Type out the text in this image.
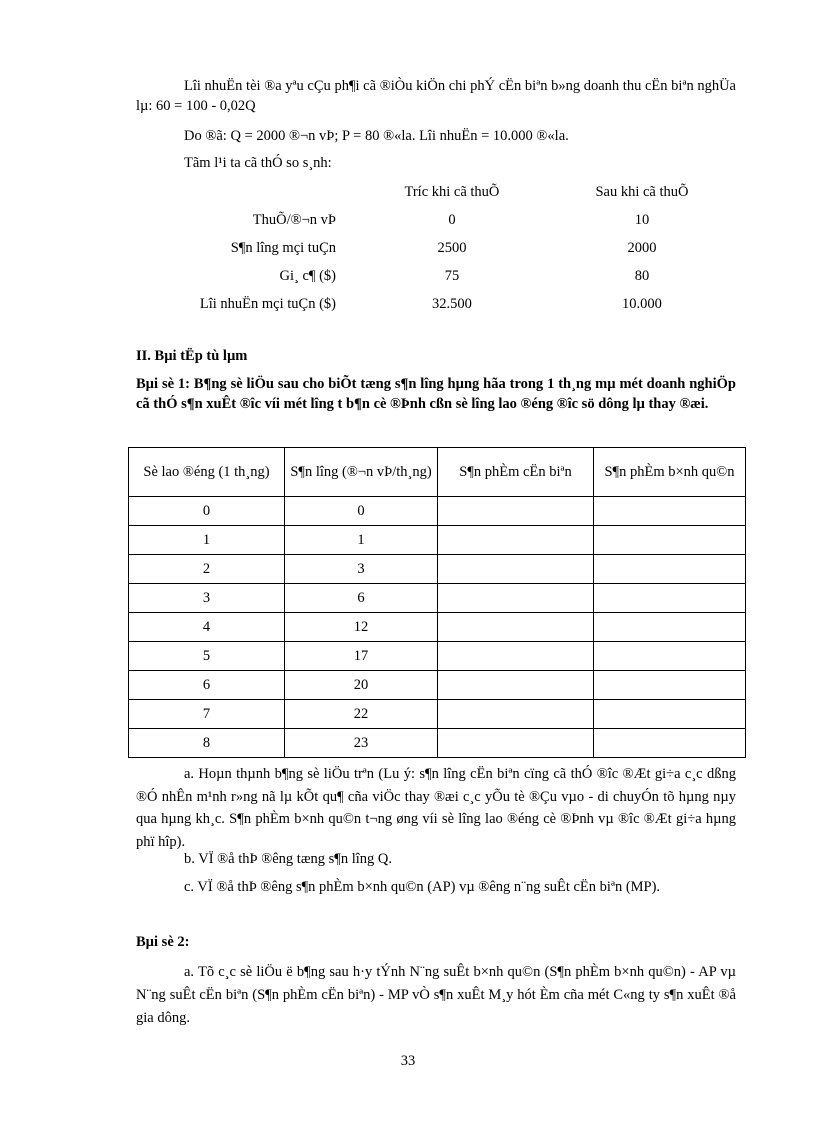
Lîi nhuËn tèi ®a yªu cÇu ph¶i cã ®iÒu kiÖn chi phÝ cËn biªn b»ng doanh thu cËn biªn nghÜa lµ: 60 = 100 - 0,02Q
Do ®ã: Q = 2000 ®¬n vÞ; P = 80 ®«la. Lîi nhuËn = 10.000 ®«la.
Tãm l¹i ta cã thÓ so s¸nh:
	Tríc khi cã thuÕ	Sau khi cã thuÕ
ThuÕ/®¬n vÞ	0	10
S¶n lîng mçi tuÇn	2500	2000
Gi¸ c¶ ($)	75	80
Lîi nhuËn mçi tuÇn ($)	32.500	10.000
II. Bµi tËp tù lµm
Bµi sè 1: B¶ng sè liÖu sau cho biÕt tæng s¶n lîng hµng hãa trong 1 th¸ng mµ mét doanh nghiÖp cã thÓ s¶n xuÊt ®îc víi mét lîng t b¶n cè ®Þnh cßn sè lîng lao ®éng ®îc sö dông lµ thay ®æi.
Sè lao ®éng (1 th¸ng)	S¶n lîng (®¬n vÞ/th¸ng)	S¶n phÈm cËn biªn	S¶n phÈm b×nh qu©n
0	0		
1	1		
2	3		
3	6		
4	12		
5	17		
6	20		
7	22		
8	23		
a. Hoµn thµnh b¶ng sè liÖu trªn (Lu ý: s¶n lîng cËn biªn cïng cã thÓ ®îc ®Æt gi÷a c¸c dßng ®Ó nhÊn m¹nh r»ng nã lµ kÕt qu¶ cña viÖc thay ®æi c¸c yÕu tè ®Çu vµo - di chuyÓn tõ hµng nµy qua hµng kh¸c. S¶n phÈm b×nh qu©n t¬ng øng víi sè lîng lao ®éng cè ®Þnh vµ ®îc ®Æt gi÷a hµng phï hîp).
b. VÏ ®å thÞ ®êng tæng s¶n lîng Q.
c. VÏ ®å thÞ ®êng s¶n phÈm b×nh qu©n (AP) vµ ®êng n¨ng suÊt cËn biªn (MP).
Bµi sè 2:
a. Tõ c¸c sè liÖu ë b¶ng sau h·y tÝnh N¨ng suÊt b×nh qu©n (S¶n phÈm b×nh qu©n) - AP vµ N¨ng suÊt cËn biªn (S¶n phÈm cËn biªn) - MP vÒ s¶n xuÊt M¸y hót Èm cña mét C«ng ty s¶n xuÊt ®å gia dông.
33
